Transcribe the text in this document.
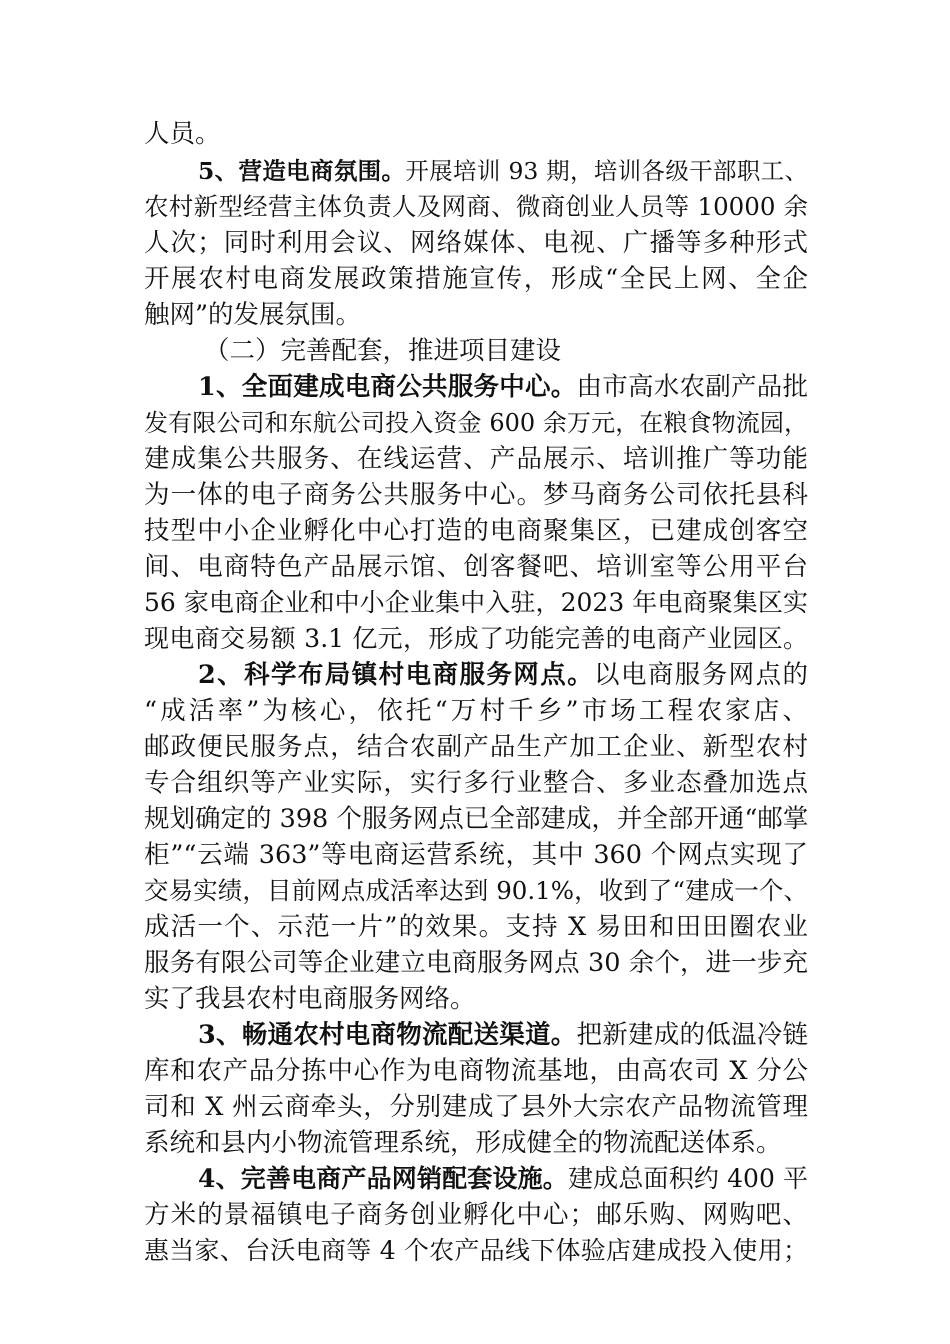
人员。
5、营造电商氛围。开展培训 93 期，培训各级干部职工、
农村新型经营主体负责人及网商、微商创业人员等 10000 余
人次；同时利用会议、网络媒体、电视、广播等多种形式
开展农村电商发展政策措施宣传，形成“全民上网、全企
触网”的发展氛围。
（二）完善配套，推进项目建设
1、全面建成电商公共服务中心。由市高水农副产品批
发有限公司和东航公司投入资金 600 余万元，在粮食物流园，
建成集公共服务、在线运营、产品展示、培训推广等功能
为一体的电子商务公共服务中心。梦马商务公司依托县科
技型中小企业孵化中心打造的电商聚集区，已建成创客空
间、电商特色产品展示馆、创客餐吧、培训室等公用平台
56 家电商企业和中小企业集中入驻，2023 年电商聚集区实
现电商交易额 3.1 亿元，形成了功能完善的电商产业园区。
2、科学布局镇村电商服务网点。以电商服务网点的
“成活率”为核心，依托“万村千乡”市场工程农家店、
邮政便民服务点，结合农副产品生产加工企业、新型农村
专合组织等产业实际，实行多行业整合、多业态叠加选点
规划确定的 398 个服务网点已全部建成，并全部开通“邮掌
柜”“云端 363”等电商运营系统，其中 360 个网点实现了
交易实绩，目前网点成活率达到 90.1%，收到了“建成一个、
成活一个、示范一片”的效果。支持 X 易田和田田圈农业
服务有限公司等企业建立电商服务网点 30 余个，进一步充
实了我县农村电商服务网络。
3、畅通农村电商物流配送渠道。把新建成的低温冷链
库和农产品分拣中心作为电商物流基地，由高农司 X 分公
司和 X 州云商牵头，分别建成了县外大宗农产品物流管理
系统和县内小物流管理系统，形成健全的物流配送体系。
4、完善电商产品网销配套设施。建成总面积约 400 平
方米的景福镇电子商务创业孵化中心；邮乐购、网购吧、
惠当家、台沃电商等 4 个农产品线下体验店建成投入使用；
